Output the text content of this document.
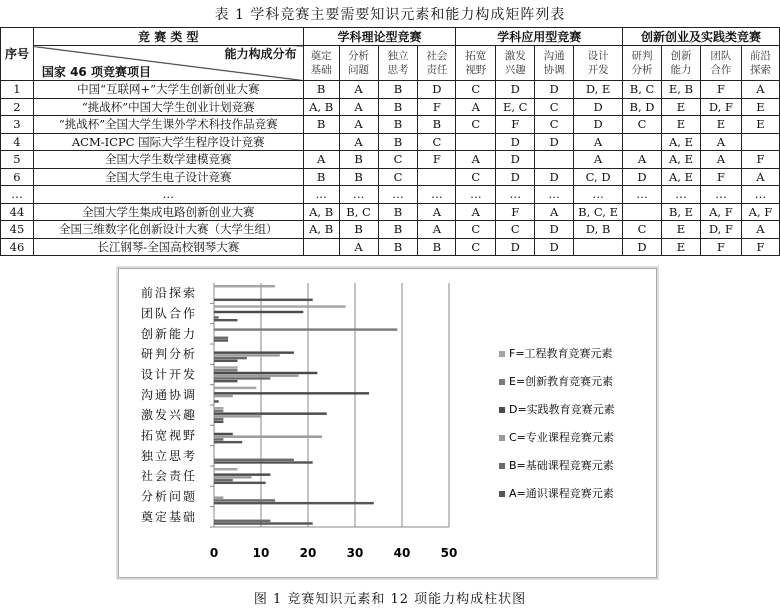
表 1 学科竞赛主要需要知识元素和能力构成矩阵列表
序号	竞 赛 类 型	学科理论型竞赛				学科应用型竞赛				创新创业及实践类竞赛			

	能力构成分布
国家 46 项竞赛项目	奠定基础	分析问题	独立思考	社会责任	拓宽视野	激发兴趣	沟通协调	设计开发	研判分析	创新能力	团队合作	前沿探索
1	中国“互联网+”大学生创新创业大赛	B	A	B	D	C	D	D	D, E	B, C	E, B	F	A
2	“挑战杯”中国大学生创业计划竞赛	A, B	A	B	F	A	E, C	C	D	B, D	E	D, F	E
3	“挑战杯”全国大学生课外学术科技作品竞赛	B	A	B	B	C	F	C	D	C	E	E	E
4	ACM-ICPC 国际大学生程序设计竞赛		A	B	C		D	D	A		A, E	A	
5	全国大学生数学建模竞赛	A	B	C	F	A	D		A	A	A, E	A	F
6	全国大学生电子设计竞赛	B	B	C		C	D	D	C, D	D	A, E	F	A
…	…	…	…	…	…	…	…	…	…	…	…	…	…
44	全国大学生集成电路创新创业大赛	A, B	B, C	B	A	A	F	A	B, C, E		B, E	A, F	A, F
45	全国三维数字化创新设计大赛（大学生组）	A, B	B	B	A	C	C	D	D, B	C	E	D, F	A
46	长江钢琴-全国高校钢琴大赛		A	B	B	C	D	D		D	E	F	F
0	10	20	30	40	50
奠定基础
分析问题
社会责任
独立思考
拓宽视野
激发兴趣
沟通协调
设计开发
研判分析
创新能力
团队合作
前沿探索
F=工程教育竞赛元素
E=创新教育竞赛元素
D=实践教育竞赛元素
C=专业课程竞赛元素
B=基础课程竞赛元素
A=通识课程竞赛元素
图 1 竞赛知识元素和 12 项能力构成柱状图
